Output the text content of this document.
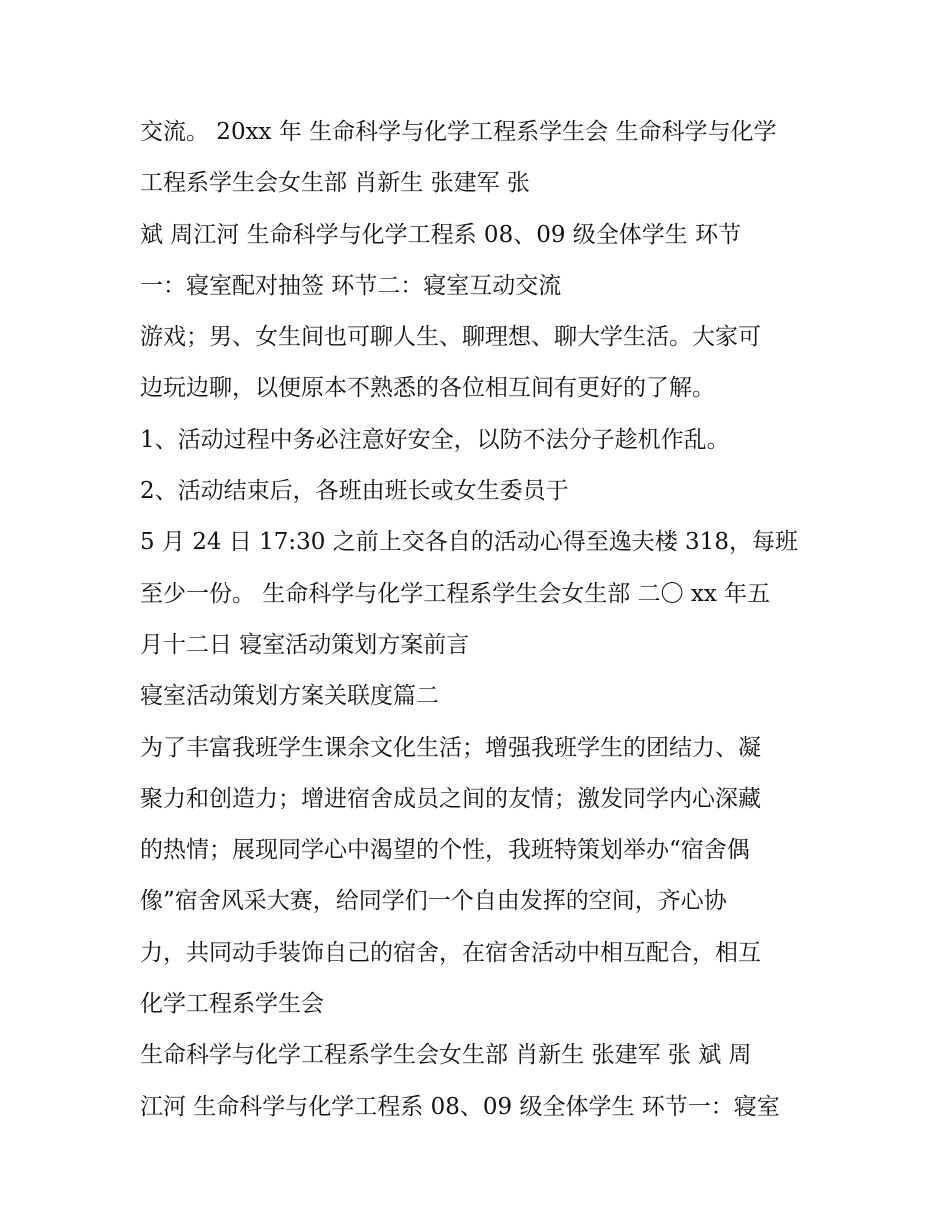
交流。 20xx 年 生命科学与化学工程系学生会 生命科学与化学
工程系学生会女生部 肖新生 张建军 张
斌 周江河 生命科学与化学工程系 08、09 级全体学生 环节
一：寝室配对抽签 环节二：寝室互动交流
游戏；男、女生间也可聊人生、聊理想、聊大学生活。大家可
边玩边聊，以便原本不熟悉的各位相互间有更好的了解。
1、活动过程中务必注意好安全，以防不法分子趁机作乱。
2、活动结束后，各班由班长或女生委员于
5 月 24 日 17:30 之前上交各自的活动心得至逸夫楼 318，每班
至少一份。 生命科学与化学工程系学生会女生部 二〇 xx 年五
月十二日 寝室活动策划方案前言
寝室活动策划方案关联度篇二
为了丰富我班学生课余文化生活；增强我班学生的团结力、凝
聚力和创造力；增进宿舍成员之间的友情；激发同学内心深藏
的热情；展现同学心中渴望的个性，我班特策划举办“宿舍偶
像”宿舍风采大赛，给同学们一个自由发挥的空间，齐心协
力，共同动手装饰自己的宿舍，在宿舍活动中相互配合，相互
化学工程系学生会
生命科学与化学工程系学生会女生部 肖新生 张建军 张 斌 周
江河 生命科学与化学工程系 08、09 级全体学生 环节一：寝室
